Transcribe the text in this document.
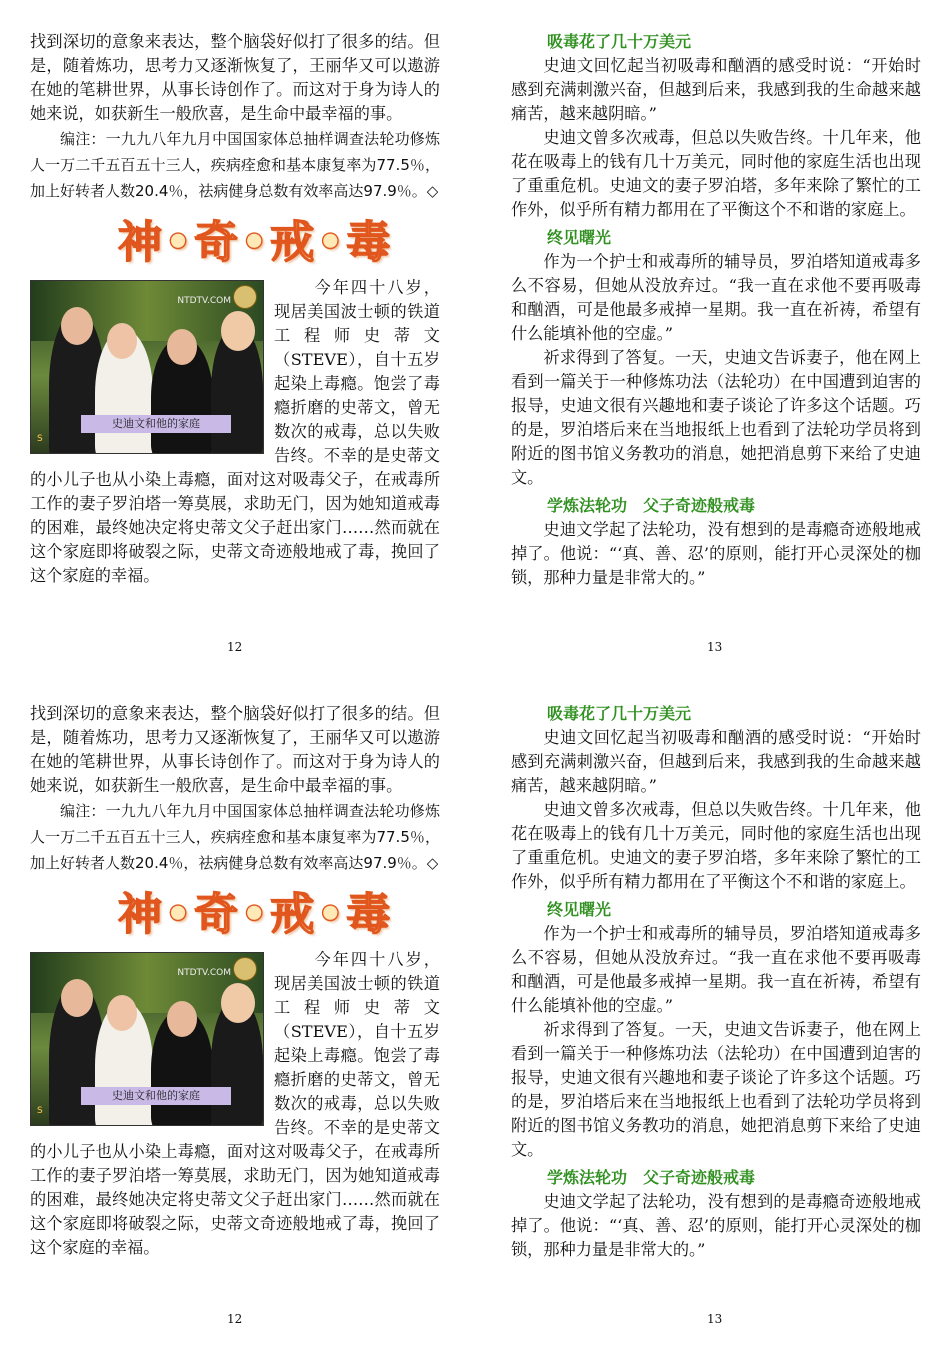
找到深切的意象来表达，整个脑袋好似打了很多的结。但是，随着炼功，思考力又逐渐恢复了，王丽华又可以遨游在她的笔耕世界，从事长诗创作了。而这对于身为诗人的她来说，如获新生一般欣喜，是生命中最幸福的事。

编注：一九九八年九月中国国家体总抽样调查法轮功修炼人一万二千五百五十三人，疾病痊愈和基本康复率为77.5％，加上好转者人数20.4％，祛病健身总数有效率高达97.9％。◇

神•奇•戒•毒
NTDTV.COM
史迪文和他的家庭
S

今年四十八岁，现居美国波士顿的铁道工程师史蒂文（STEVE），自十五岁起染上毒瘾。饱尝了毒瘾折磨的史蒂文，曾无数次的戒毒，总以失败告终。不幸的是史蒂文的小儿子也从小染上毒瘾，面对这对吸毒父子，在戒毒所工作的妻子罗泊塔一筹莫展，求助无门，因为她知道戒毒的困难，最终她决定将史蒂文父子赶出家门……然而就在这个家庭即将破裂之际，史蒂文奇迹般地戒了毒，挽回了这个家庭的幸福。

吸毒花了几十万美元

史迪文回忆起当初吸毒和酗酒的感受时说：“开始时感到充满刺激兴奋，但越到后来，我感到我的生命越来越痛苦，越来越阴暗。”

史迪文曾多次戒毒，但总以失败告终。十几年来，他花在吸毒上的钱有几十万美元，同时他的家庭生活也出现了重重危机。史迪文的妻子罗泊塔，多年来除了繁忙的工作外，似乎所有精力都用在了平衡这个不和谐的家庭上。

终见曙光

作为一个护士和戒毒所的辅导员，罗泊塔知道戒毒多么不容易，但她从没放弃过。“我一直在求他不要再吸毒和酗酒，可是他最多戒掉一星期。我一直在祈祷，希望有什么能填补他的空虚。”

祈求得到了答复。一天，史迪文告诉妻子，他在网上看到一篇关于一种修炼功法（法轮功）在中国遭到迫害的报导，史迪文很有兴趣地和妻子谈论了许多这个话题。巧的是，罗泊塔后来在当地报纸上也看到了法轮功学员将到附近的图书馆义务教功的消息，她把消息剪下来给了史迪文。

学炼法轮功　父子奇迹般戒毒

史迪文学起了法轮功，没有想到的是毒瘾奇迹般地戒掉了。他说：“‘真、善、忍’的原则，能打开心灵深处的枷锁，那种力量是非常大的。”

12	13

找到深切的意象来表达，整个脑袋好似打了很多的结。但是，随着炼功，思考力又逐渐恢复了，王丽华又可以遨游在她的笔耕世界，从事长诗创作了。而这对于身为诗人的她来说，如获新生一般欣喜，是生命中最幸福的事。

编注：一九九八年九月中国国家体总抽样调查法轮功修炼人一万二千五百五十三人，疾病痊愈和基本康复率为77.5％，加上好转者人数20.4％，祛病健身总数有效率高达97.9％。◇

神•奇•戒•毒
NTDTV.COM
史迪文和他的家庭
S

今年四十八岁，现居美国波士顿的铁道工程师史蒂文（STEVE），自十五岁起染上毒瘾。饱尝了毒瘾折磨的史蒂文，曾无数次的戒毒，总以失败告终。不幸的是史蒂文的小儿子也从小染上毒瘾，面对这对吸毒父子，在戒毒所工作的妻子罗泊塔一筹莫展，求助无门，因为她知道戒毒的困难，最终她决定将史蒂文父子赶出家门……然而就在这个家庭即将破裂之际，史蒂文奇迹般地戒了毒，挽回了这个家庭的幸福。

吸毒花了几十万美元

史迪文回忆起当初吸毒和酗酒的感受时说：“开始时感到充满刺激兴奋，但越到后来，我感到我的生命越来越痛苦，越来越阴暗。”

史迪文曾多次戒毒，但总以失败告终。十几年来，他花在吸毒上的钱有几十万美元，同时他的家庭生活也出现了重重危机。史迪文的妻子罗泊塔，多年来除了繁忙的工作外，似乎所有精力都用在了平衡这个不和谐的家庭上。

终见曙光

作为一个护士和戒毒所的辅导员，罗泊塔知道戒毒多么不容易，但她从没放弃过。“我一直在求他不要再吸毒和酗酒，可是他最多戒掉一星期。我一直在祈祷，希望有什么能填补他的空虚。”

祈求得到了答复。一天，史迪文告诉妻子，他在网上看到一篇关于一种修炼功法（法轮功）在中国遭到迫害的报导，史迪文很有兴趣地和妻子谈论了许多这个话题。巧的是，罗泊塔后来在当地报纸上也看到了法轮功学员将到附近的图书馆义务教功的消息，她把消息剪下来给了史迪文。

学炼法轮功　父子奇迹般戒毒

史迪文学起了法轮功，没有想到的是毒瘾奇迹般地戒掉了。他说：“‘真、善、忍’的原则，能打开心灵深处的枷锁，那种力量是非常大的。”

12	13
